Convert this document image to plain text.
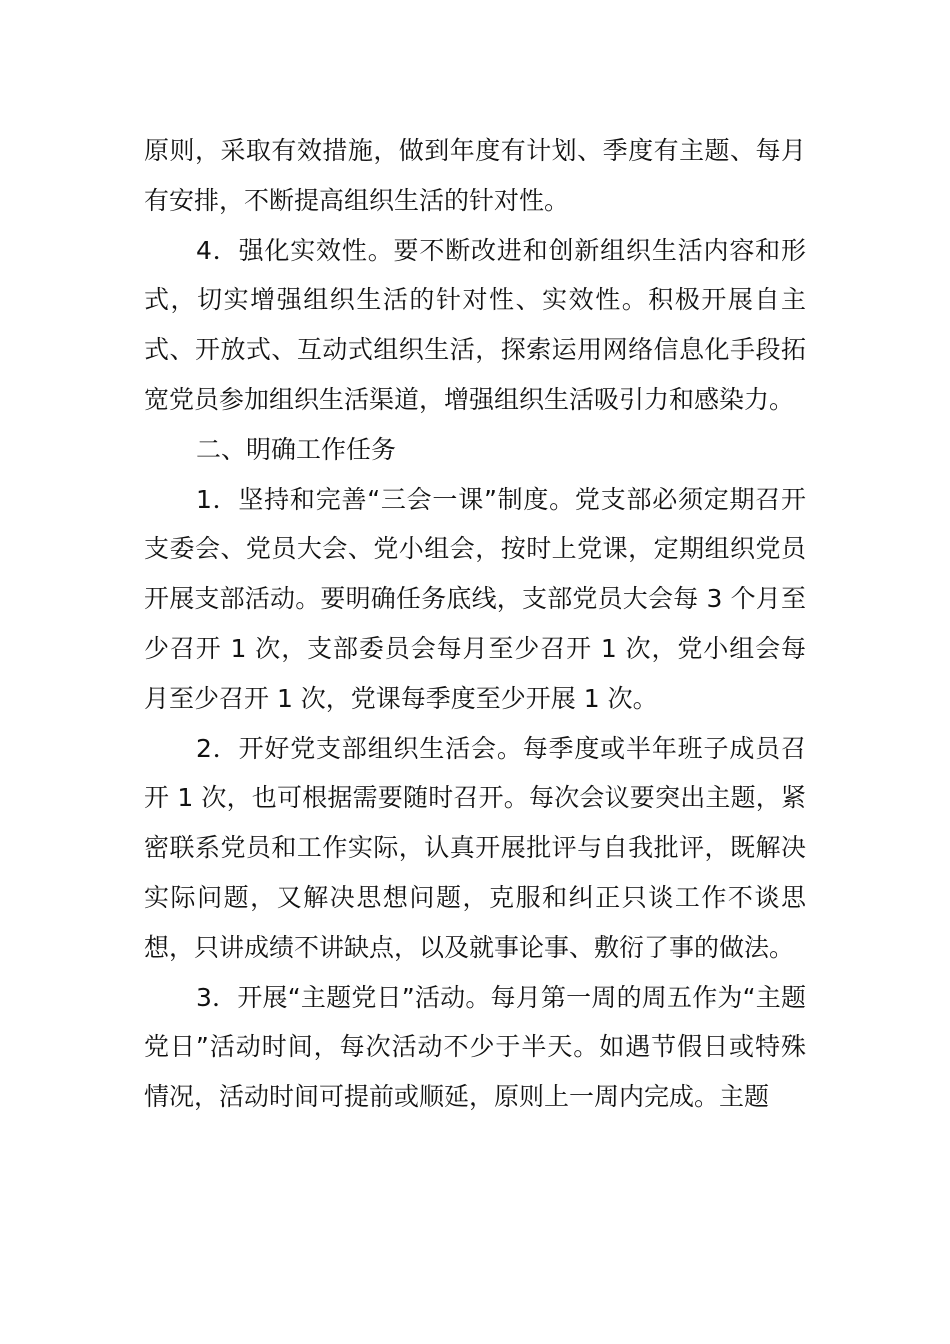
原则，采取有效措施，做到年度有计划、季度有主题、每月有安排，不断提高组织生活的针对性。

4．强化实效性。要不断改进和创新组织生活内容和形式，切实增强组织生活的针对性、实效性。积极开展自主式、开放式、互动式组织生活，探索运用网络信息化手段拓宽党员参加组织生活渠道，增强组织生活吸引力和感染力。

二、明确工作任务

1．坚持和完善“三会一课”制度。党支部必须定期召开支委会、党员大会、党小组会，按时上党课，定期组织党员开展支部活动。要明确任务底线，支部党员大会每 3 个月至少召开 1 次，支部委员会每月至少召开 1 次，党小组会每月至少召开 1 次，党课每季度至少开展 1 次。

2．开好党支部组织生活会。每季度或半年班子成员召开 1 次，也可根据需要随时召开。每次会议要突出主题，紧密联系党员和工作实际，认真开展批评与自我批评，既解决实际问题，又解决思想问题，克服和纠正只谈工作不谈思想，只讲成绩不讲缺点，以及就事论事、敷衍了事的做法。

3．开展“主题党日”活动。每月第一周的周五作为“主题党日”活动时间，每次活动不少于半天。如遇节假日或特殊情况，活动时间可提前或顺延，原则上一周内完成。主题
